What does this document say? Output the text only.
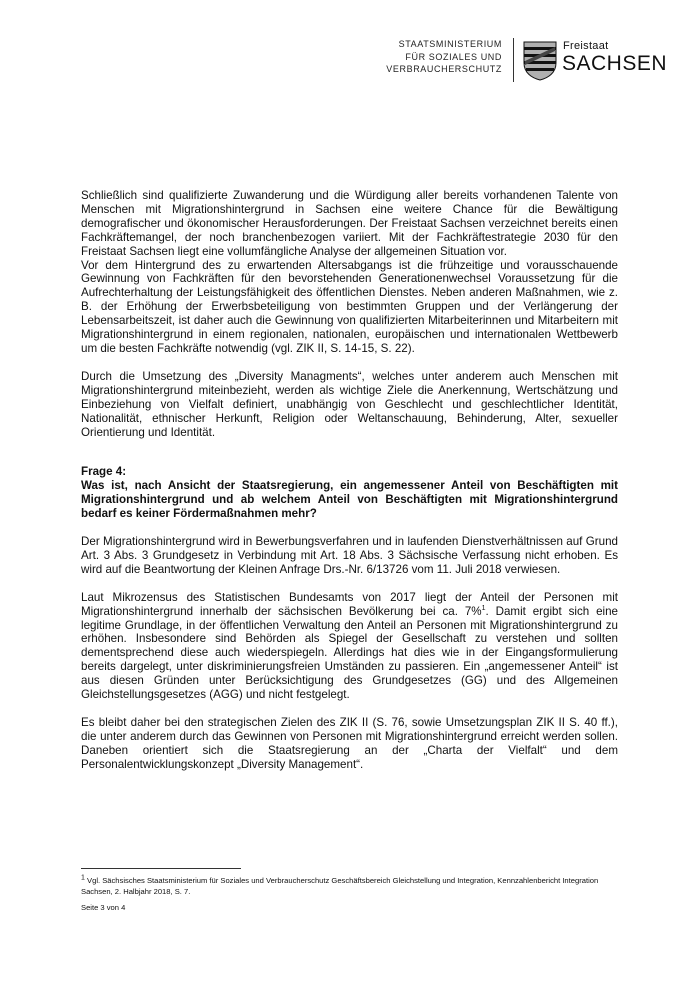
STAATSMINISTERIUM
FÜR SOZIALES UND
VERBRAUCHERSCHUTZ
Freistaat
SACHSEN

Schließlich sind qualifizierte Zuwanderung und die Würdigung aller bereits vorhandenen Talente von Menschen mit Migrationshintergrund in Sachsen eine weitere Chance für die Bewältigung demografischer und ökonomischer Herausforderungen. Der Freistaat Sachsen verzeichnet bereits einen Fachkräftemangel, der noch branchenbezogen variiert. Mit der Fachkräftestrategie 2030 für den Freistaat Sachsen liegt eine vollumfängliche Analyse der allgemeinen Situation vor.

Vor dem Hintergrund des zu erwartenden Altersabgangs ist die frühzeitige und vorausschauende Gewinnung von Fachkräften für den bevorstehenden Generationenwechsel Voraussetzung für die Aufrechterhaltung der Leistungsfähigkeit des öffentlichen Dienstes. Neben anderen Maßnahmen, wie z. B. der Erhöhung der Erwerbsbeteiligung von bestimmten Gruppen und der Verlängerung der Lebensarbeitszeit, ist daher auch die Gewinnung von qualifizierten Mitarbeiterinnen und Mitarbeitern mit Migrationshintergrund in einem regionalen, nationalen, europäischen und internationalen Wettbewerb um die besten Fachkräfte notwendig (vgl. ZIK II, S. 14-15, S. 22).

Durch die Umsetzung des „Diversity Managments“, welches unter anderem auch Menschen mit Migrationshintergrund miteinbezieht, werden als wichtige Ziele die Anerkennung, Wertschätzung und Einbeziehung von Vielfalt definiert, unabhängig von Geschlecht und geschlechtlicher Identität, Nationalität, ethnischer Herkunft, Religion oder Weltanschauung, Behinderung, Alter, sexueller Orientierung und Identität.

Frage 4:

Was ist, nach Ansicht der Staatsregierung, ein angemessener Anteil von Beschäftigten mit Migrationshintergrund und ab welchem Anteil von Beschäftigten mit Migrationshintergrund bedarf es keiner Fördermaßnahmen mehr?

Der Migrationshintergrund wird in Bewerbungsverfahren und in laufenden Dienstverhältnissen auf Grund Art. 3 Abs. 3 Grundgesetz in Verbindung mit Art. 18 Abs. 3 Sächsische Verfassung nicht erhoben. Es wird auf die Beantwortung der Kleinen Anfrage Drs.-Nr. 6/13726 vom 11. Juli 2018 verwiesen.

Laut Mikrozensus des Statistischen Bundesamts von 2017 liegt der Anteil der Personen mit Migrationshintergrund innerhalb der sächsischen Bevölkerung bei ca. 7%$^1$. Damit ergibt sich eine legitime Grundlage, in der öffentlichen Verwaltung den Anteil an Personen mit Migrationshintergrund zu erhöhen. Insbesondere sind Behörden als Spiegel der Gesellschaft zu verstehen und sollten dementsprechend diese auch wiederspiegeln. Allerdings hat dies wie in der Eingangsformulierung bereits dargelegt, unter diskriminierungsfreien Umständen zu passieren. Ein „angemessener Anteil“ ist aus diesen Gründen unter Berücksichtigung des Grundgesetzes (GG) und des Allgemeinen Gleichstellungsgesetzes (AGG) und nicht festgelegt.

Es bleibt daher bei den strategischen Zielen des ZIK II (S. 76, sowie Umsetzungsplan ZIK II S. 40 ff.), die unter anderem durch das Gewinnen von Personen mit Migrationshintergrund erreicht werden sollen. Daneben orientiert sich die Staatsregierung an der „Charta der Vielfalt“ und dem Personalentwicklungskonzept „Diversity Management“.

$^1$ Vgl. Sächsisches Staatsministerium für Soziales und Verbraucherschutz Geschäftsbereich Gleichstellung und Integration, Kennzahlenbericht Integration Sachsen, 2. Halbjahr 2018, S. 7.
Seite 3 von 4
